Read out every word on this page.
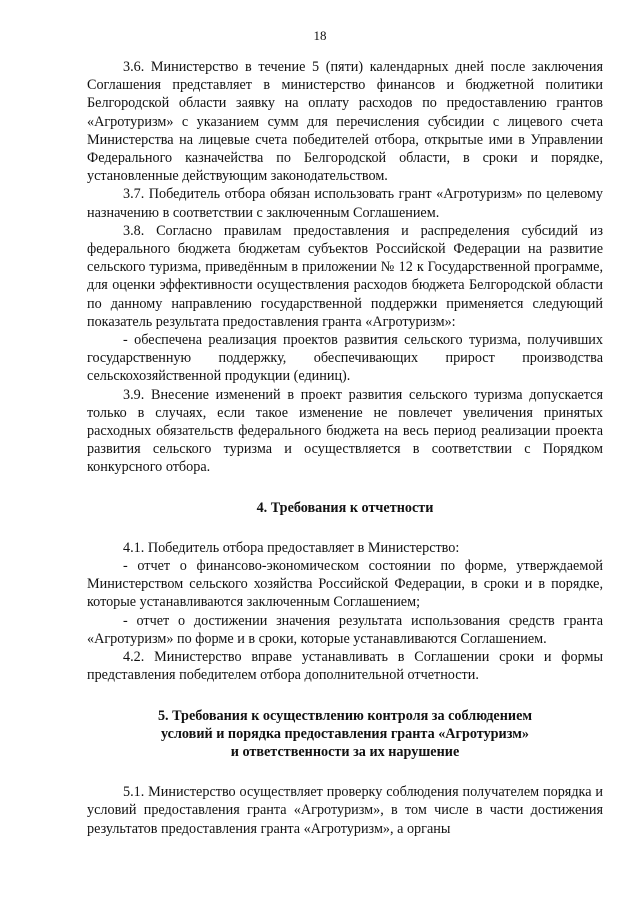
18

3.6. Министерство в течение 5 (пяти) календарных дней после заключения Соглашения представляет в министерство финансов и бюджетной политики Белгородской области заявку на оплату расходов по предоставлению грантов «Агротуризм» с указанием сумм для перечисления субсидии с лицевого счета Министерства на лицевые счета победителей отбора, открытые ими в Управлении Федерального казначейства по Белгородской области, в сроки и порядке, установленные действующим законодательством.

3.7. Победитель отбора обязан использовать грант «Агротуризм» по целевому назначению в соответствии с заключенным Соглашением.

3.8. Согласно правилам предоставления и распределения субсидий из федерального бюджета бюджетам субъектов Российской Федерации на развитие сельского туризма, приведённым в приложении № 12 к Государственной программе, для оценки эффективности осуществления расходов бюджета Белгородской области по данному направлению государственной поддержки применяется следующий показатель результата предоставления гранта «Агротуризм»:

- обеспечена реализация проектов развития сельского туризма, получивших государственную поддержку, обеспечивающих прирост производства сельскохозяйственной продукции (единиц).

3.9. Внесение изменений в проект развития сельского туризма допускается только в случаях, если такое изменение не повлечет увеличения принятых расходных обязательств федерального бюджета на весь период реализации проекта развития сельского туризма и осуществляется в соответствии с Порядком конкурсного отбора.

4. Требования к отчетности

4.1. Победитель отбора предоставляет в Министерство:

- отчет о финансово-экономическом состоянии по форме, утверждаемой Министерством сельского хозяйства Российской Федерации, в сроки и в порядке, которые устанавливаются заключенным Соглашением;

- отчет о достижении значения результата использования средств гранта «Агротуризм» по форме и в сроки, которые устанавливаются Соглашением.

4.2. Министерство вправе устанавливать в Соглашении сроки и формы представления победителем отбора дополнительной отчетности.

5. Требования к осуществлению контроля за соблюдением

условий и порядка предоставления гранта «Агротуризм»

и ответственности за их нарушение

5.1. Министерство осуществляет проверку соблюдения получателем порядка и условий предоставления гранта «Агротуризм», в том числе в части достижения результатов предоставления гранта «Агротуризм», а органы
